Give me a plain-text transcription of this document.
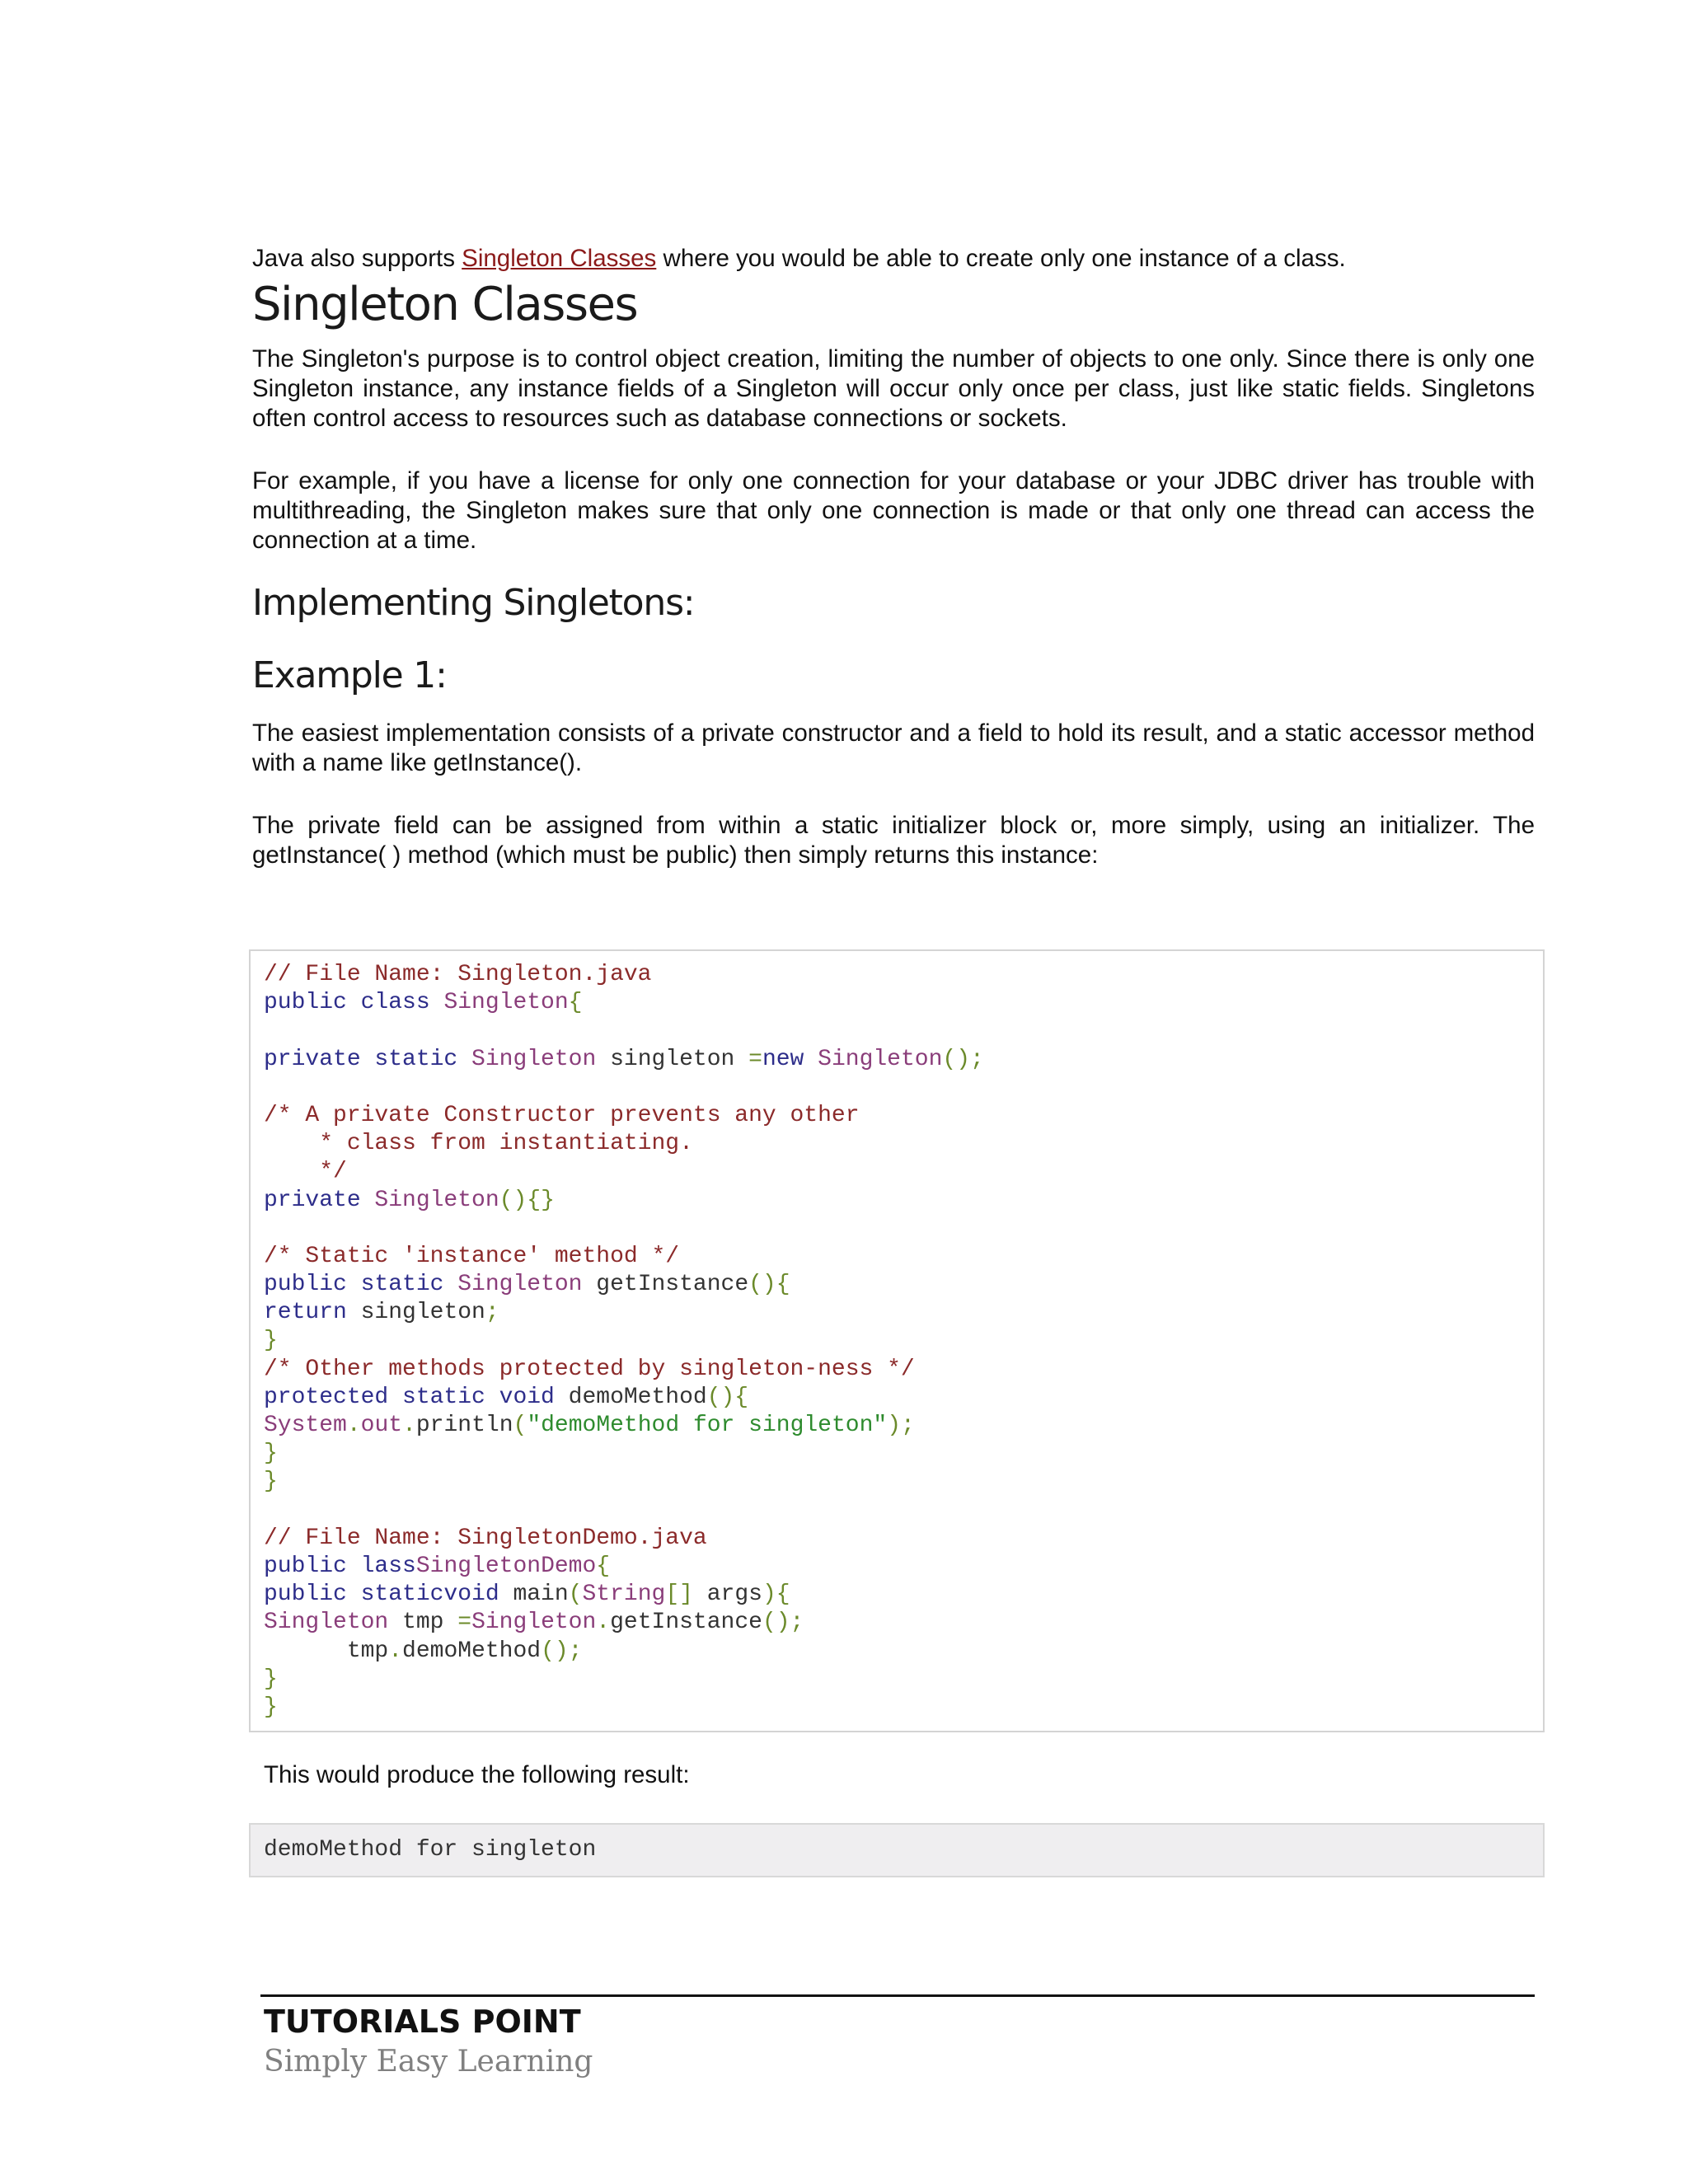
Java also supports Singleton Classes where you would be able to create only one instance of a class.

Singleton Classes

The Singleton's purpose is to control object creation, limiting the number of objects to one only. Since there is only one Singleton instance, any instance fields of a Singleton will occur only once per class, just like static fields. Singletons often control access to resources such as database connections or sockets.

For example, if you have a license for only one connection for your database or your JDBC driver has trouble with multithreading, the Singleton makes sure that only one connection is made or that only one thread can access the connection at a time.

Implementing Singletons:
Example 1:

The easiest implementation consists of a private constructor and a field to hold its result, and a static accessor method with a name like getInstance().

The private field can be assigned from within a static initializer block or, more simply, using an initializer. The getInstance( ) method (which must be public) then simply returns this instance:

// File Name: Singleton.java
public class Singleton{

private static Singleton singleton =new Singleton();

/* A private Constructor prevents any other
* class from instantiating.
*/
private Singleton(){}

/* Static 'instance' method */
public static Singleton getInstance(){
return singleton;
}
/* Other methods protected by singleton-ness */
protected static void demoMethod(){
System.out.println("demoMethod for singleton");
}
}

// File Name: SingletonDemo.java
public lassSingletonDemo{
public staticvoid main(String[] args){
Singleton tmp =Singleton.getInstance();
tmp.demoMethod();
}
}
This would produce the following result:
demoMethod for singleton
TUTORIALS POINT
Simply Easy Learning
